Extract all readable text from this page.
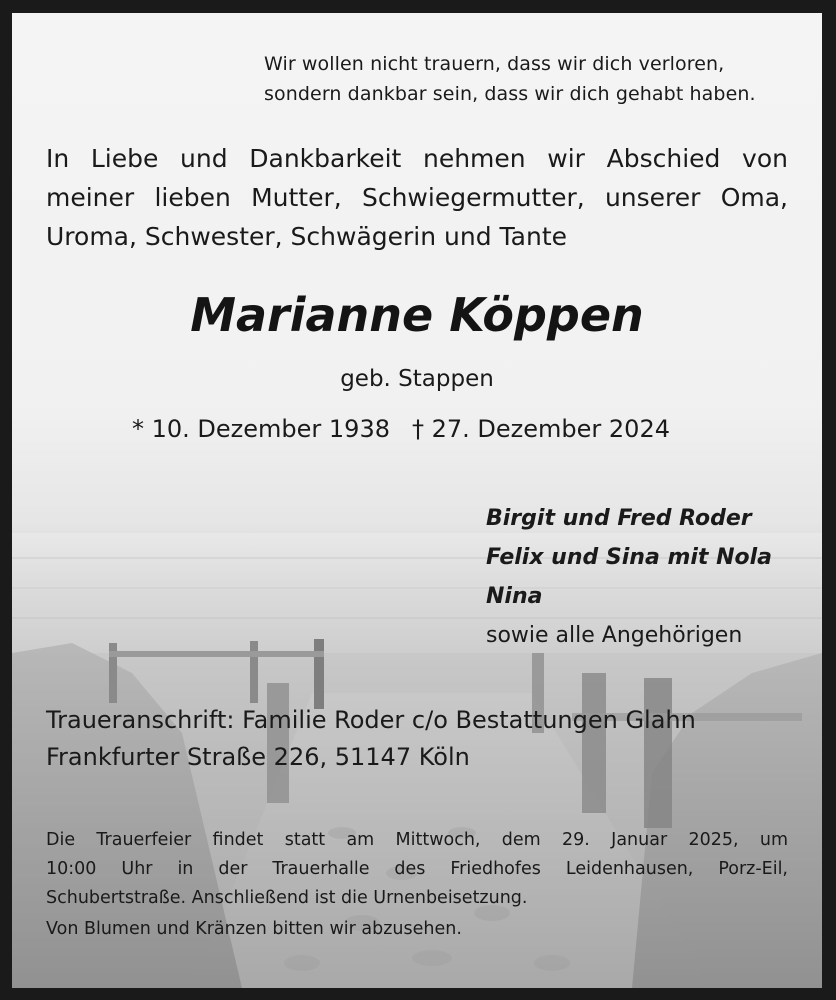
Wir wollen nicht trauern, dass wir dich verloren,
sondern dankbar sein, dass wir dich gehabt haben.
In Liebe und Dankbarkeit nehmen wir Abschied von
meiner lieben Mutter, Schwiegermutter, unserer Oma,
Uroma, Schwester, Schwägerin und Tante
Marianne Köppen
geb. Stappen
* 10. Dezember 1938 † 27. Dezember 2024
Birgit und Fred Roder
Felix und Sina mit Nola
Nina
sowie alle Angehörigen
Traueranschrift: Familie Roder c/o Bestattungen Glahn
Frankfurter Straße 226, 51147 Köln
Die Trauerfeier findet statt am Mittwoch, dem 29. Januar 2025, um
10:00 Uhr in der Trauerhalle des Friedhofes Leidenhausen, Porz-Eil,
Schubertstraße. Anschließend ist die Urnenbeisetzung.
Von Blumen und Kränzen bitten wir abzusehen.
